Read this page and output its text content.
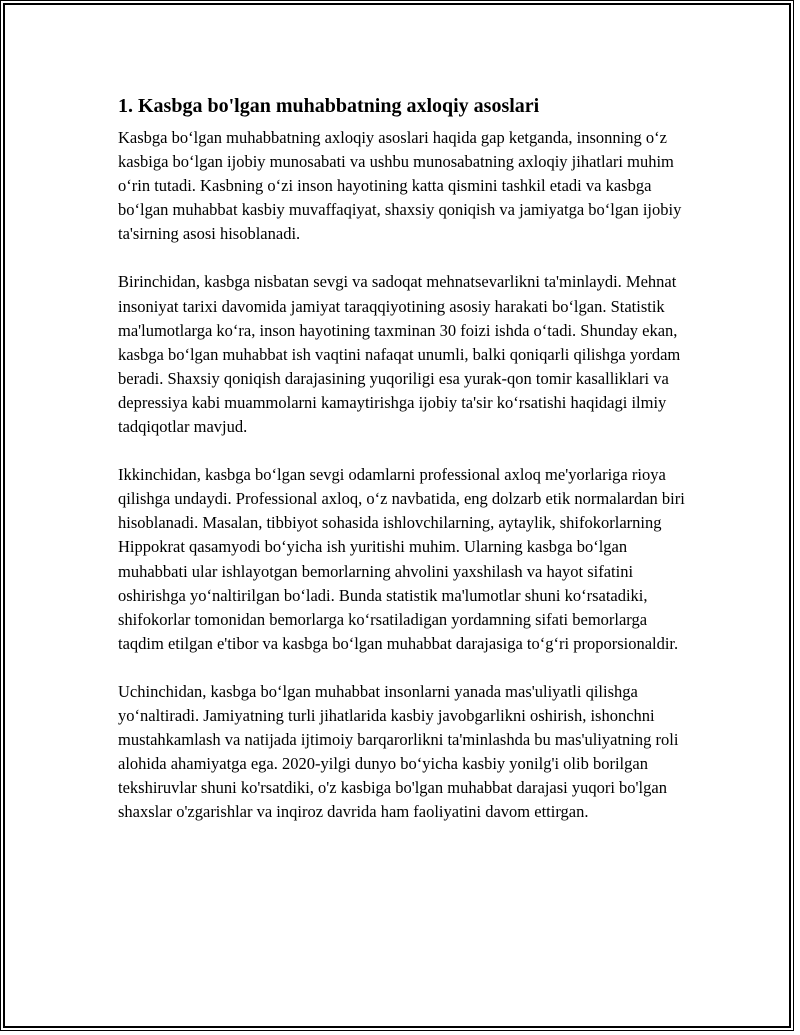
1. Kasbga bo'lgan muhabbatning axloqiy asoslari

Kasbga bo‘lgan muhabbatning axloqiy asoslari haqida gap ketganda, insonning o‘z kasbiga bo‘lgan ijobiy munosabati va ushbu munosabatning axloqiy jihatlari muhim o‘rin tutadi. Kasbning o‘zi inson hayotining katta qismini tashkil etadi va kasbga bo‘lgan muhabbat kasbiy muvaffaqiyat, shaxsiy qoniqish va jamiyatga bo‘lgan ijobiy ta'sirning asosi hisoblanadi.

Birinchidan, kasbga nisbatan sevgi va sadoqat mehnatsevarlikni ta'minlaydi. Mehnat insoniyat tarixi davomida jamiyat taraqqiyotining asosiy harakati bo‘lgan. Statistik ma'lumotlarga ko‘ra, inson hayotining taxminan 30 foizi ishda o‘tadi. Shunday ekan, kasbga bo‘lgan muhabbat ish vaqtini nafaqat unumli, balki qoniqarli qilishga yordam beradi. Shaxsiy qoniqish darajasining yuqoriligi esa yurak-qon tomir kasalliklari va depressiya kabi muammolarni kamaytirishga ijobiy ta'sir ko‘rsatishi haqidagi ilmiy tadqiqotlar mavjud.

Ikkinchidan, kasbga bo‘lgan sevgi odamlarni professional axloq me'yorlariga rioya qilishga undaydi. Professional axloq, o‘z navbatida, eng dolzarb etik normalardan biri hisoblanadi. Masalan, tibbiyot sohasida ishlovchilarning, aytaylik, shifokorlarning Hippokrat qasamyodi bo‘yicha ish yuritishi muhim. Ularning kasbga bo‘lgan muhabbati ular ishlayotgan bemorlarning ahvolini yaxshilash va hayot sifatini oshirishga yo‘naltirilgan bo‘ladi. Bunda statistik ma'lumotlar shuni ko‘rsatadiki, shifokorlar tomonidan bemorlarga ko‘rsatiladigan yordamning sifati bemorlarga taqdim etilgan e'tibor va kasbga bo‘lgan muhabbat darajasiga to‘g‘ri proporsionaldir.

Uchinchidan, kasbga bo‘lgan muhabbat insonlarni yanada mas'uliyatli qilishga yo‘naltiradi. Jamiyatning turli jihatlarida kasbiy javobgarlikni oshirish, ishonchni mustahkamlash va natijada ijtimoiy barqarorlikni ta'minlashda bu mas'uliyatning roli alohida ahamiyatga ega. 2020-yilgi dunyo bo‘yicha kasbiy yonilg'i olib borilgan tekshiruvlar shuni ko'rsatdiki, o'z kasbiga bo'lgan muhabbat darajasi yuqori bo'lgan shaxslar o'zgarishlar va inqiroz davrida ham faoliyatini davom ettirgan.
